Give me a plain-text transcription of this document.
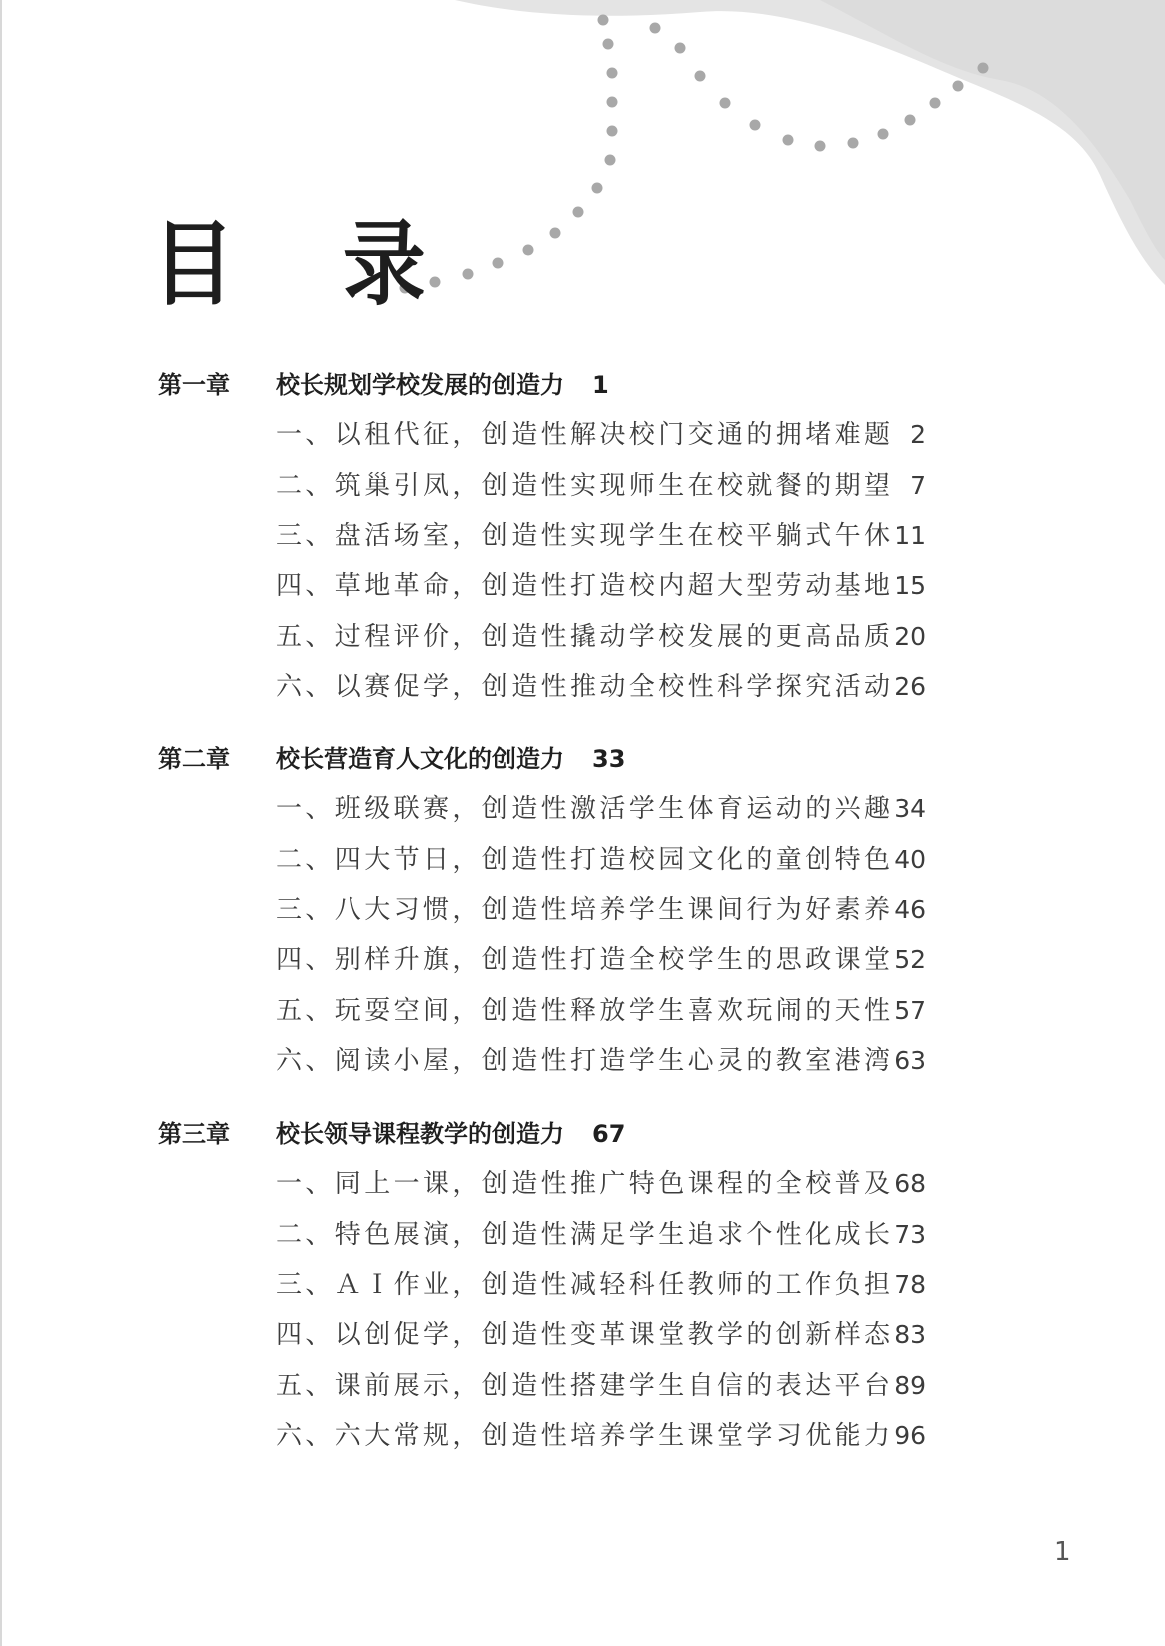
目 录
第一章 校长规划学校发展的创造力 1
一、以租代征，创造性解决校门交通的拥堵难题 2
二、筑巢引凤，创造性实现师生在校就餐的期望 7
三、盘活场室，创造性实现学生在校平躺式午休 11
四、草地革命，创造性打造校内超大型劳动基地 15
五、过程评价，创造性撬动学校发展的更高品质 20
六、以赛促学，创造性推动全校性科学探究活动 26
第二章 校长营造育人文化的创造力 33
一、班级联赛，创造性激活学生体育运动的兴趣 34
二、四大节日，创造性打造校园文化的童创特色 40
三、八大习惯，创造性培养学生课间行为好素养 46
四、别样升旗，创造性打造全校学生的思政课堂 52
五、玩耍空间，创造性释放学生喜欢玩闹的天性 57
六、阅读小屋，创造性打造学生心灵的教室港湾 63
第三章 校长领导课程教学的创造力 67
一、同上一课，创造性推广特色课程的全校普及 68
二、特色展演，创造性满足学生追求个性化成长 73
三、ＡＩ作业，创造性减轻科任教师的工作负担 78
四、以创促学，创造性变革课堂教学的创新样态 83
五、课前展示，创造性搭建学生自信的表达平台 89
六、六大常规，创造性培养学生课堂学习优能力 96
1
